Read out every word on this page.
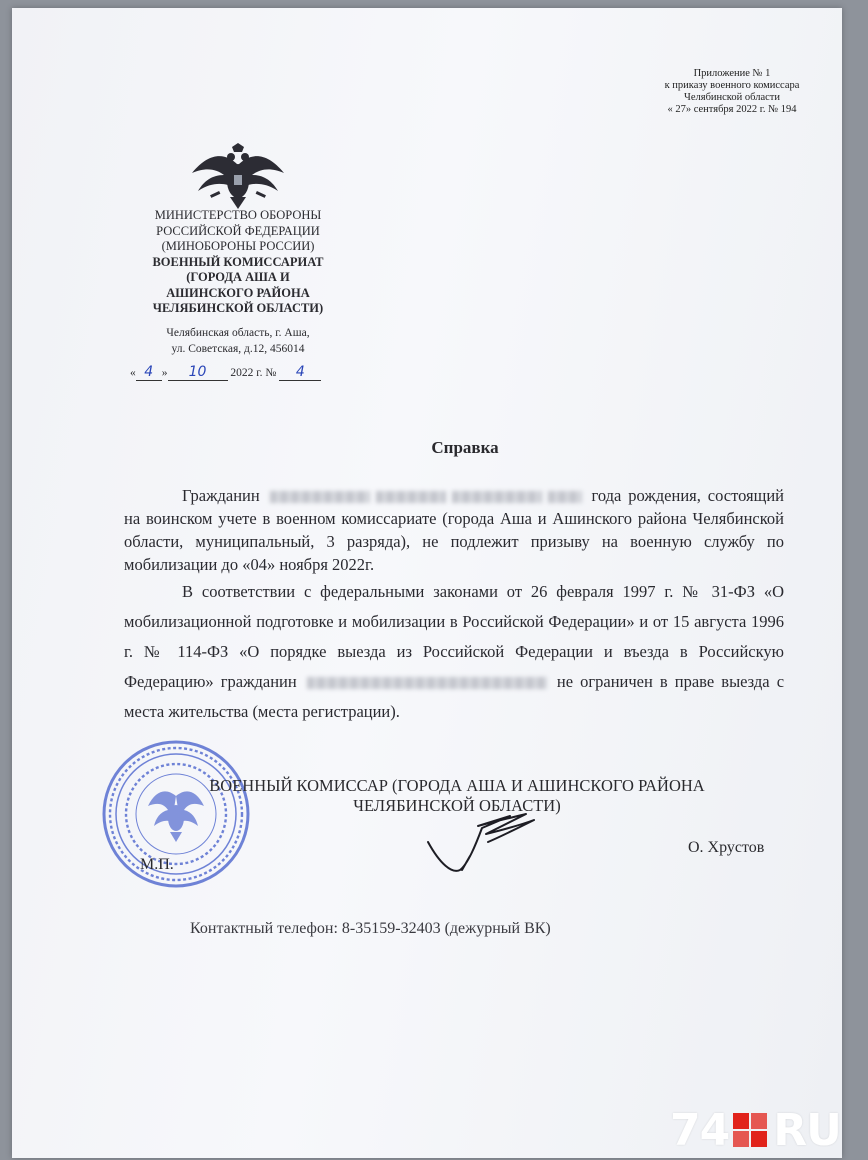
Приложение № 1
к приказу военного комиссара
Челябинской области
« 27» сентября 2022 г. № 194
МИНИСТЕРСТВО ОБОРОНЫ
РОССИЙСКОЙ ФЕДЕРАЦИИ
(МИНОБОРОНЫ РОССИИ)
ВОЕННЫЙ КОМИССАРИАТ
(ГОРОДА АША И
АШИНСКОГО РАЙОНА
ЧЕЛЯБИНСКОЙ ОБЛАСТИ)
Челябинская область, г. Аша,
ул. Советская, д.12, 456014
« 4 » 10 2022 г. № 4
Справка

Гражданин	года рождения, состоящий на воинском учете в военном комиссариате (города Аша и Ашинского района Челябинской области, муниципальный, 3 разряда), не подлежит призыву на военную службу по мобилизации до «04» ноября 2022г.

В соответствии с федеральными законами от 26 февраля 1997 г. № 31-ФЗ «О мобилизационной подготовке и мобилизации в Российской Федерации» и от 15 августа 1996 г. № 114-ФЗ «О порядке выезда из Российской Федерации и въезда в Российскую Федерацию» гражданин	не ограничен в праве выезда с места жительства (места регистрации).

ВОЕННЫЙ КОМИССАР (ГОРОДА АША И АШИНСКОГО РАЙОНА
ЧЕЛЯБИНСКОЙ ОБЛАСТИ)
М.П.
О. Хрустов
Контактный телефон: 8-35159-32403 (дежурный ВК)
74 RU
